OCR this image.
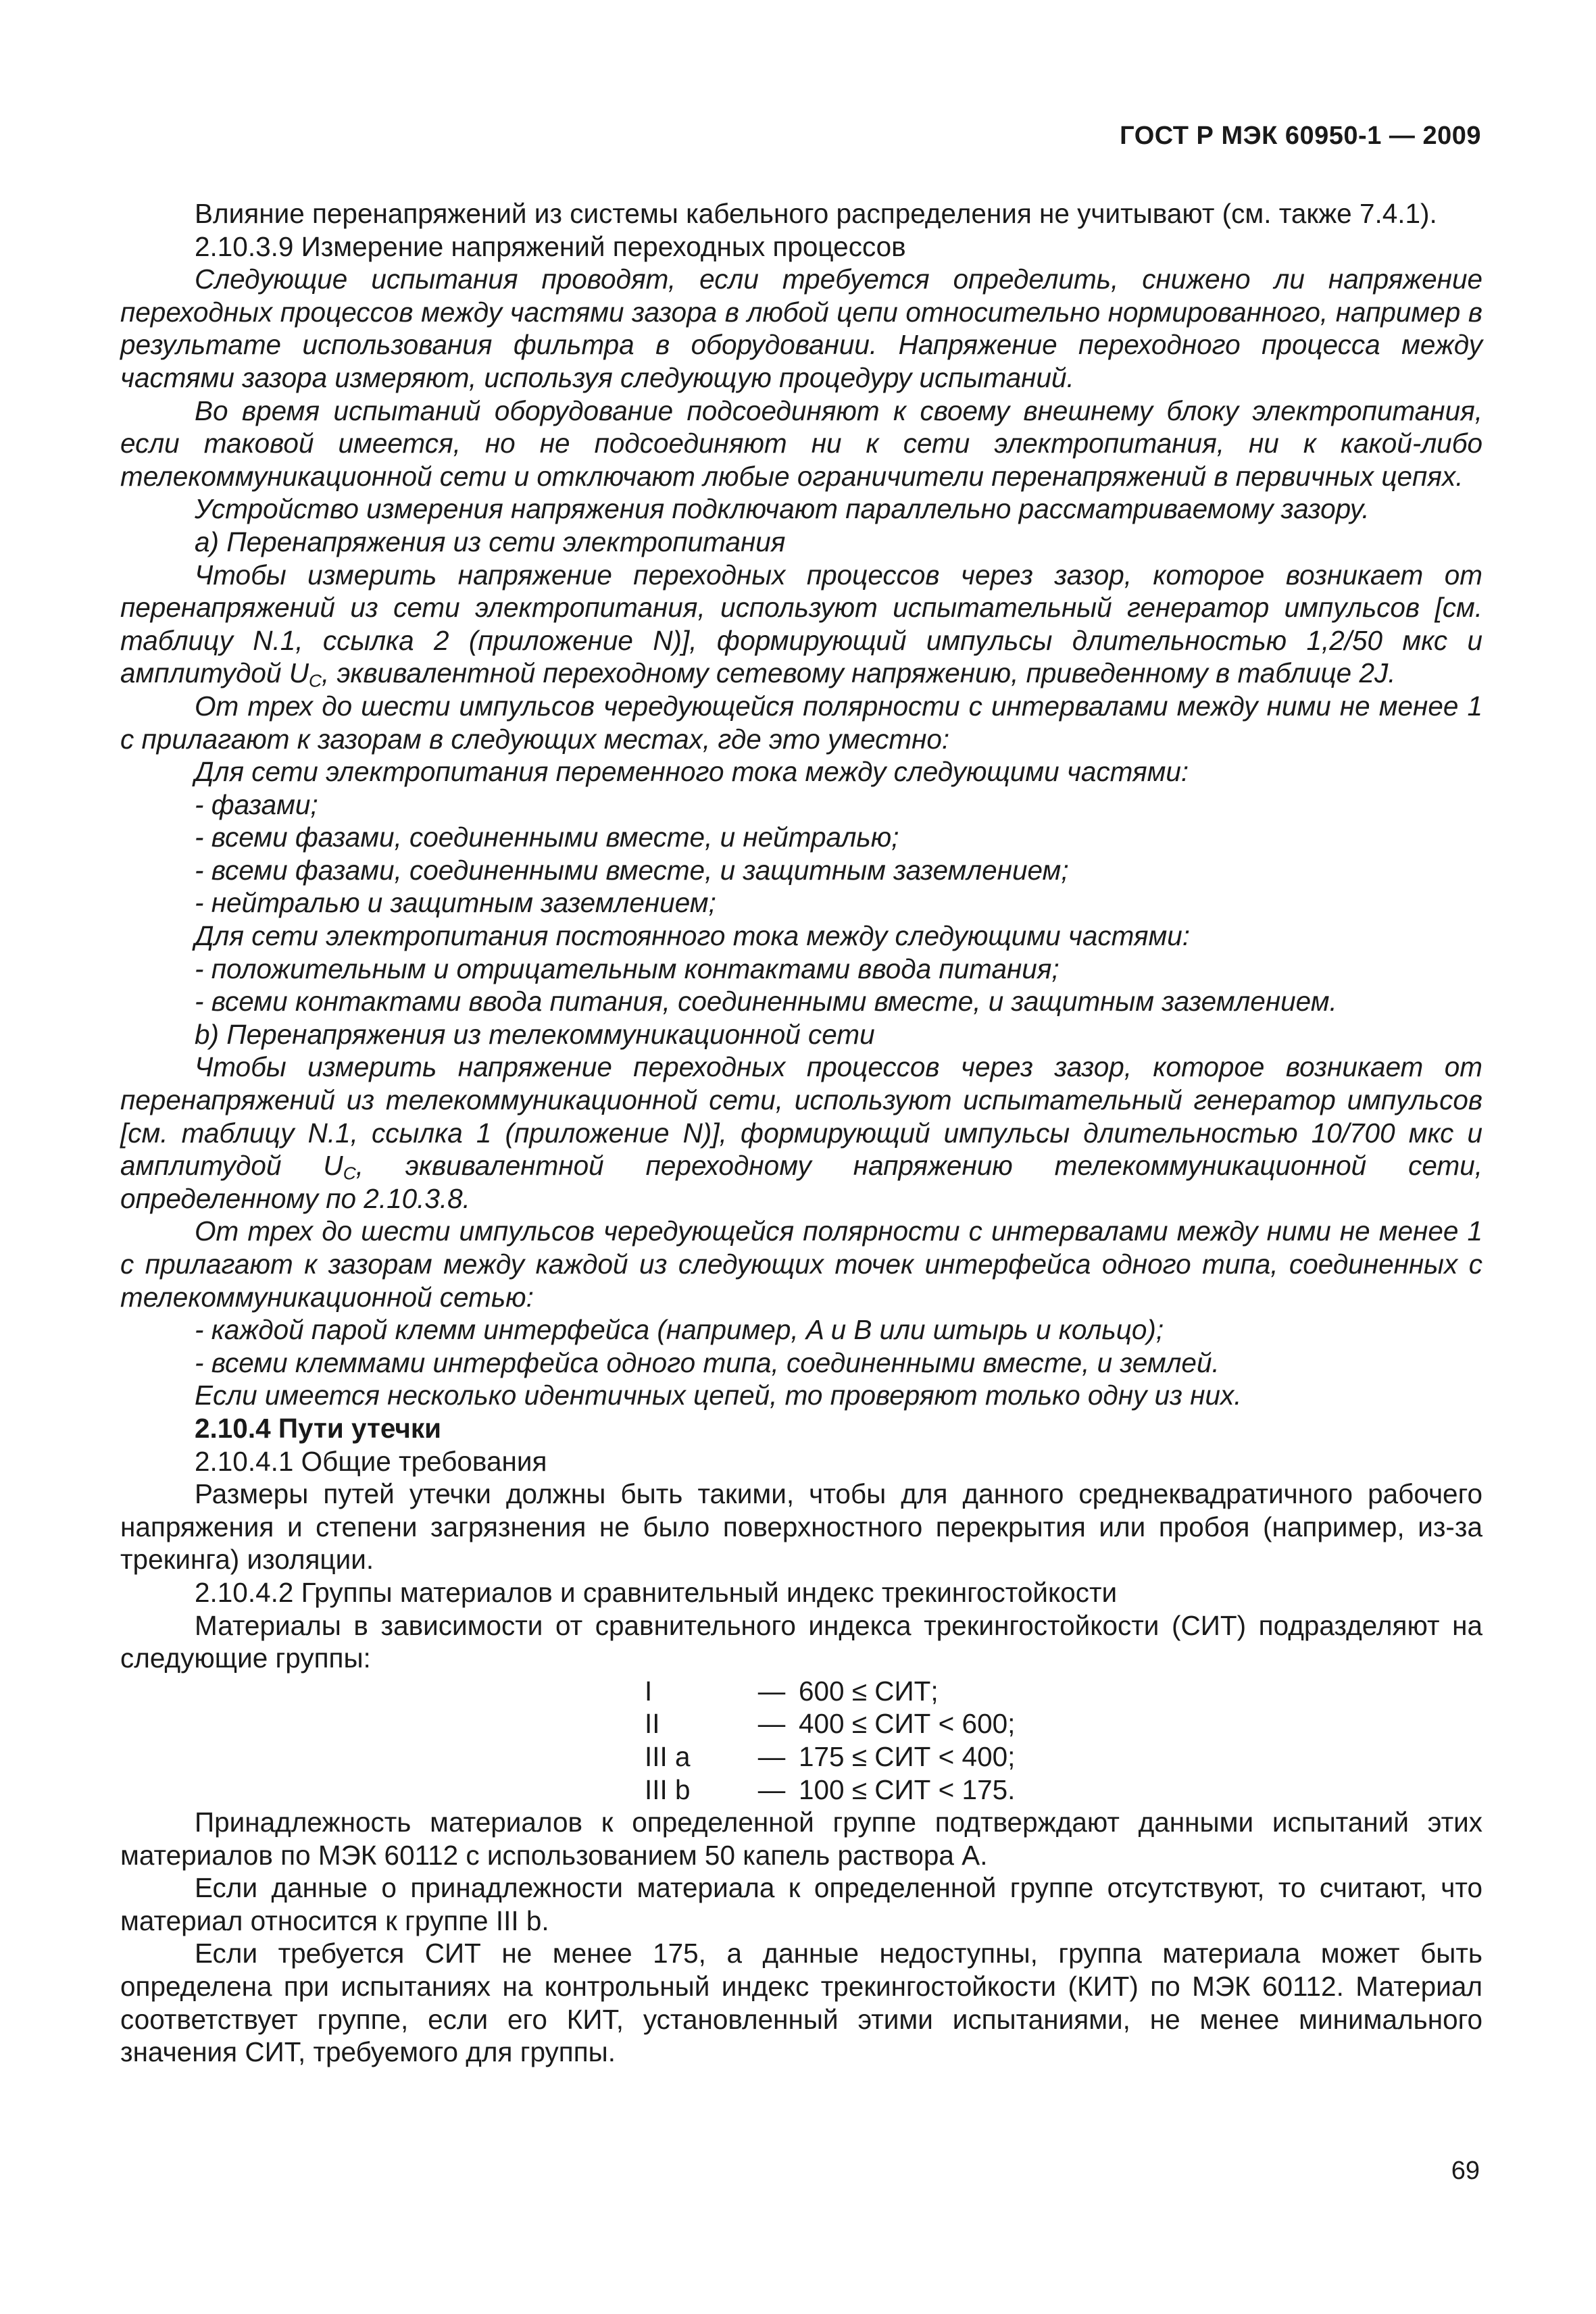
ГОСТ Р МЭК 60950-1 — 2009

Влияние перенапряжений из системы кабельного распределения не учитывают (см. также 7.4.1).

2.10.3.9 Измерение напряжений переходных процессов

Следующие испытания проводят, если требуется определить, снижено ли напряжение переходных процессов между частями зазора в любой цепи относительно нормированного, например в результате использования фильтра в оборудовании. Напряжение переходного процесса между частями зазора измеряют, используя следующую процедуру испытаний.

Во время испытаний оборудование подсоединяют к своему внешнему блоку электропитания, если таковой имеется, но не подсоединяют ни к сети электропитания, ни к какой-либо телекоммуникационной сети и отключают любые ограничители перенапряжений в первичных цепях.

Устройство измерения напряжения подключают параллельно рассматриваемому зазору.

а) Перенапряжения из сети электропитания

Чтобы измерить напряжение переходных процессов через зазор, которое возникает от перенапряжений из сети электропитания, используют испытательный генератор импульсов [см. таблицу N.1, ссылка 2 (приложение N)], формирующий импульсы длительностью 1,2/50 мкс и амплитудой $U_C$, эквивалентной переходному сетевому напряжению, приведенному в таблице 2J.

От трех до шести импульсов чередующейся полярности с интервалами между ними не менее 1 с прилагают к зазорам в следующих местах, где это уместно:

Для сети электропитания переменного тока между следующими частями:

- фазами;

- всеми фазами, соединенными вместе, и нейтралью;

- всеми фазами, соединенными вместе, и защитным заземлением;

- нейтралью и защитным заземлением;

Для сети электропитания постоянного тока между следующими частями:

- положительным и отрицательным контактами ввода питания;

- всеми контактами ввода питания, соединенными вместе, и защитным заземлением.

b) Перенапряжения из телекоммуникационной сети

Чтобы измерить напряжение переходных процессов через зазор, которое возникает от перенапряжений из телекоммуникационной сети, используют испытательный генератор импульсов [см. таблицу N.1, ссылка 1 (приложение N)], формирующий импульсы длительностью 10/700 мкс и амплитудой $U_C$, эквивалентной переходному напряжению телекоммуникационной сети, определенному по 2.10.3.8.

От трех до шести импульсов чередующейся полярности с интервалами между ними не менее 1 с прилагают к зазорам между каждой из следующих точек интерфейса одного типа, соединенных с телекоммуникационной сетью:

- каждой парой клемм интерфейса (например, A и B или штырь и кольцо);

- всеми клеммами интерфейса одного типа, соединенными вместе, и землей.

Если имеется несколько идентичных цепей, то проверяют только одну из них.

2.10.4 Пути утечки

2.10.4.1 Общие требования

Размеры путей утечки должны быть такими, чтобы для данного среднеквадратичного рабочего напряжения и степени загрязнения не было поверхностного перекрытия или пробоя (например, из-за трекинга) изоляции.

2.10.4.2 Группы материалов и сравнительный индекс трекингостойкости

Материалы в зависимости от сравнительного индекса трекингостойкости (СИТ) подразделяют на следующие группы:

I	— 600 ≤ СИТ;
II	— 400 ≤ СИТ < 600;
III a	— 175 ≤ СИТ < 400;
III b	— 100 ≤ СИТ < 175.

Принадлежность материалов к определенной группе подтверждают данными испытаний этих материалов по МЭК 60112 с использованием 50 капель раствора А.

Если данные о принадлежности материала к определенной группе отсутствуют, то считают, что материал относится к группе III b.

Если требуется СИТ не менее 175, а данные недоступны, группа материала может быть определена при испытаниях на контрольный индекс трекингостойкости (КИТ) по МЭК 60112. Материал соответствует группе, если его КИТ, установленный этими испытаниями, не менее минимального значения СИТ, требуемого для группы.

69
